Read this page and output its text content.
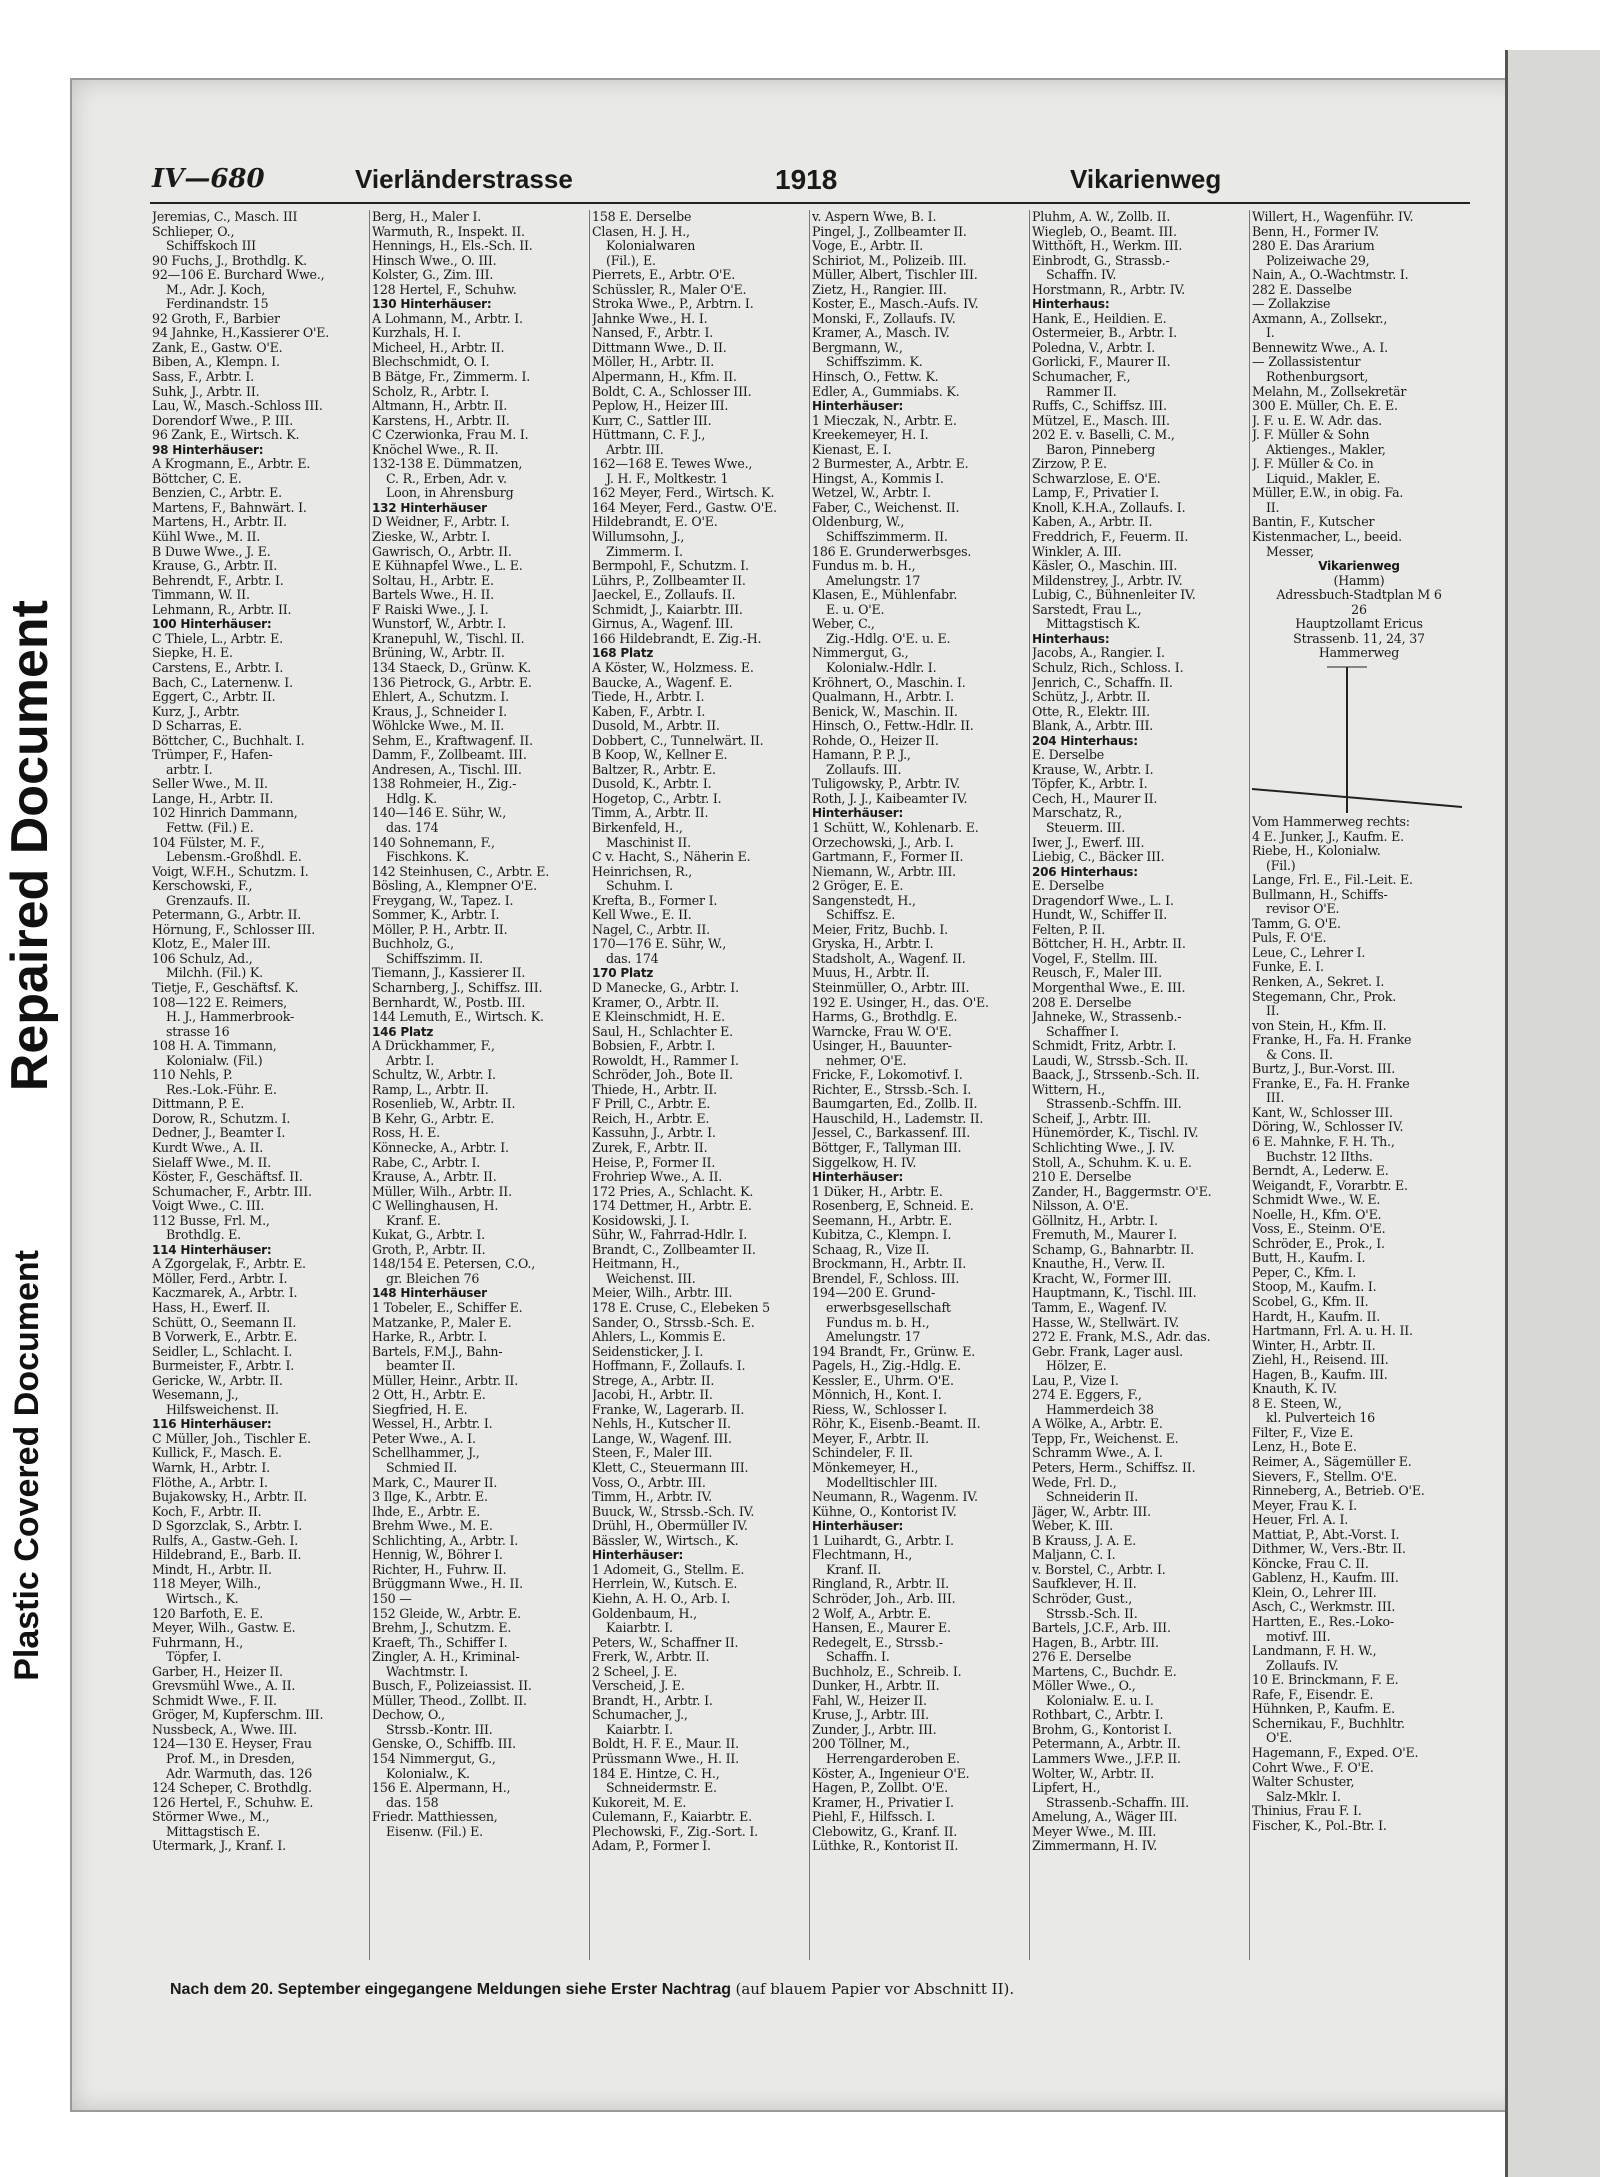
Repaired Document
Plastic Covered Document
IV—680	Vierländerstrasse	1918	Vikarienweg
Jeremias, C., Masch. III
Schlieper, O.,
Schiffskoch III
90 Fuchs, J., Brothdlg. K.
92—106 E. Burchard Wwe.,
M., Adr. J. Koch,
Ferdinandstr. 15
92 Groth, F., Barbier
94 Jahnke, H.,Kassierer O'E.
Zank, E., Gastw. O'E.
Biben, A., Klempn. I.
Sass, F., Arbtr. I.
Suhk, J., Arbtr. II.
Lau, W., Masch.-Schloss III.
Dorendorf Wwe., P. III.
96 Zank, E., Wirtsch. K.
98 Hinterhäuser:
A Krogmann, E., Arbtr. E.
Böttcher, C. E.
Benzien, C., Arbtr. E.
Martens, F., Bahnwärt. I.
Martens, H., Arbtr. II.
Kühl Wwe., M. II.
B Duwe Wwe., J. E.
Krause, G., Arbtr. II.
Behrendt, F., Arbtr. I.
Timmann, W. II.
Lehmann, R., Arbtr. II.
100 Hinterhäuser:
C Thiele, L., Arbtr. E.
Siepke, H. E.
Carstens, E., Arbtr. I.
Bach, C., Laternenw. I.
Eggert, C., Arbtr. II.
Kurz, J., Arbtr.
D Scharras, E.
Böttcher, C., Buchhalt. I.
Trümper, F., Hafen-
arbtr. I.
Seller Wwe., M. II.
Lange, H., Arbtr. II.
102 Hinrich Dammann,
Fettw. (Fil.) E.
104 Fülster, M. F.,
Lebensm.-Großhdl. E.
Voigt, W.F.H., Schutzm. I.
Kerschowski, F.,
Grenzaufs. II.
Petermann, G., Arbtr. II.
Hörnung, F., Schlosser III.
Klotz, E., Maler III.
106 Schulz, Ad.,
Milchh. (Fil.) K.
Tietje, F., Geschäftsf. K.
108—122 E. Reimers,
H. J., Hammerbrook-
strasse 16
108 H. A. Timmann,
Kolonialw. (Fil.)
110 Nehls, P.
Res.-Lok.-Führ. E.
Dittmann, P. E.
Dorow, R., Schutzm. I.
Dedner, J., Beamter I.
Kurdt Wwe., A. II.
Sielaff Wwe., M. II.
Köster, F., Geschäftsf. II.
Schumacher, F., Arbtr. III.
Voigt Wwe., C. III.
112 Busse, Frl. M.,
Brothdlg. E.
114 Hinterhäuser:
A Zgorgelak, F., Arbtr. E.
Möller, Ferd., Arbtr. I.
Kaczmarek, A., Arbtr. I.
Hass, H., Ewerf. II.
Schütt, O., Seemann II.
B Vorwerk, E., Arbtr. E.
Seidler, L., Schlacht. I.
Burmeister, F., Arbtr. I.
Gericke, W., Arbtr. II.
Wesemann, J.,
Hilfsweichenst. II.
116 Hinterhäuser:
C Müller, Joh., Tischler E.
Kullick, F., Masch. E.
Warnk, H., Arbtr. I.
Flöthe, A., Arbtr. I.
Bujakowsky, H., Arbtr. II.
Koch, F., Arbtr. II.
D Sgorzclak, S., Arbtr. I.
Rulfs, A., Gastw.-Geh. I.
Hildebrand, E., Barb. II.
Mindt, H., Arbtr. II.
118 Meyer, Wilh.,
Wirtsch., K.
120 Barfoth, E. E.
Meyer, Wilh., Gastw. E.
Fuhrmann, H.,
Töpfer, I.
Garber, H., Heizer II.
Grevsmühl Wwe., A. II.
Schmidt Wwe., F. II.
Gröger, M, Kupferschm. III.
Nussbeck, A., Wwe. III.
124—130 E. Heyser, Frau
Prof. M., in Dresden,
Adr. Warmuth, das. 126
124 Scheper, C. Brothdlg.
126 Hertel, F., Schuhw. E.
Störmer Wwe., M.,
Mittagstisch E.
Utermark, J., Kranf. I.
Berg, H., Maler I.
Warmuth, R., Inspekt. II.
Hennings, H., Els.-Sch. II.
Hinsch Wwe., O. III.
Kolster, G., Zim. III.
128 Hertel, F., Schuhw.
130 Hinterhäuser:
A Lohmann, M., Arbtr. I.
Kurzhals, H. I.
Micheel, H., Arbtr. II.
Blechschmidt, O. I.
B Bätge, Fr., Zimmerm. I.
Scholz, R., Arbtr. I.
Altmann, H., Arbtr. II.
Karstens, H., Arbtr. II.
C Czerwionka, Frau M. I.
Knöchel Wwe., R. II.
132-138 E. Dümmatzen,
C. R., Erben, Adr. v.
Loon, in Ahrensburg
132 Hinterhäuser
D Weidner, F., Arbtr. I.
Zieske, W., Arbtr. I.
Gawrisch, O., Arbtr. II.
E Kühnapfel Wwe., L. E.
Soltau, H., Arbtr. E.
Bartels Wwe., H. II.
F Raiski Wwe., J. I.
Wunstorf, W., Arbtr. I.
Kranepuhl, W., Tischl. II.
Brüning, W., Arbtr. II.
134 Staeck, D., Grünw. K.
136 Pietrock, G., Arbtr. E.
Ehlert, A., Schutzm. I.
Kraus, J., Schneider I.
Wöhlcke Wwe., M. II.
Sehm, E., Kraftwagenf. II.
Damm, F., Zollbeamt. III.
Andresen, A., Tischl. III.
138 Rohmeier, H., Zig.-
Hdlg. K.
140—146 E. Sühr, W.,
das. 174
140 Sohnemann, F.,
Fischkons. K.
142 Steinhusen, C., Arbtr. E.
Bösling, A., Klempner O'E.
Freygang, W., Tapez. I.
Sommer, K., Arbtr. I.
Möller, P. H., Arbtr. II.
Buchholz, G.,
Schiffszimm. II.
Tiemann, J., Kassierer II.
Scharnberg, J., Schiffsz. III.
Bernhardt, W., Postb. III.
144 Lemuth, E., Wirtsch. K.
146 Platz
A Drückhammer, F.,
Arbtr. I.
Schultz, W., Arbtr. I.
Ramp, L., Arbtr. II.
Rosenlieb, W., Arbtr. II.
B Kehr, G., Arbtr. E.
Ross, H. E.
Könnecke, A., Arbtr. I.
Rabe, C., Arbtr. I.
Krause, A., Arbtr. II.
Müller, Wilh., Arbtr. II.
C Wellinghausen, H.
Kranf. E.
Kukat, G., Arbtr. I.
Groth, P., Arbtr. II.
148/154 E. Petersen, C.O.,
gr. Bleichen 76
148 Hinterhäuser
1 Tobeler, E., Schiffer E.
Matzanke, P., Maler E.
Harke, R., Arbtr. I.
Bartels, F.M.J., Bahn-
beamter II.
Müller, Heinr., Arbtr. II.
2 Ott, H., Arbtr. E.
Siegfried, H. E.
Wessel, H., Arbtr. I.
Peter Wwe., A. I.
Schellhammer, J.,
Schmied II.
Mark, C., Maurer II.
3 Ilge, K., Arbtr. E.
Ihde, E., Arbtr. E.
Brehm Wwe., M. E.
Schlichting, A., Arbtr. I.
Hennig, W., Böhrer I.
Richter, H., Fuhrw. II.
Brüggmann Wwe., H. II.
150 —
152 Gleide, W., Arbtr. E.
Brehm, J., Schutzm. E.
Kraeft, Th., Schiffer I.
Zingler, A. H., Kriminal-
Wachtmstr. I.
Busch, F., Polizeiassist. II.
Müller, Theod., Zollbt. II.
Dechow, O.,
Strssb.-Kontr. III.
Genske, O., Schiffb. III.
154 Nimmergut, G.,
Kolonialw., K.
156 E. Alpermann, H.,
das. 158
Friedr. Matthiessen,
Eisenw. (Fil.) E.
158 E. Derselbe
Clasen, H. J. H.,
Kolonialwaren
(Fil.), E.
Pierrets, E., Arbtr. O'E.
Schüssler, R., Maler O'E.
Stroka Wwe., P., Arbtrn. I.
Jahnke Wwe., H. I.
Nansed, F., Arbtr. I.
Dittmann Wwe., D. II.
Möller, H., Arbtr. II.
Alpermann, H., Kfm. II.
Boldt, C. A., Schlosser III.
Peplow, H., Heizer III.
Kurr, C., Sattler III.
Hüttmann, C. F. J.,
Arbtr. III.
162—168 E. Tewes Wwe.,
J. H. F., Moltkestr. 1
162 Meyer, Ferd., Wirtsch. K.
164 Meyer, Ferd., Gastw. O'E.
Hildebrandt, E. O'E.
Willumsohn, J.,
Zimmerm. I.
Bermpohl, F., Schutzm. I.
Lührs, P., Zollbeamter II.
Jaeckel, E., Zollaufs. II.
Schmidt, J., Kaiarbtr. III.
Girnus, A., Wagenf. III.
166 Hildebrandt, E. Zig.-H.
168 Platz
A Köster, W., Holzmess. E.
Baucke, A., Wagenf. E.
Tiede, H., Arbtr. I.
Kaben, F., Arbtr. I.
Dusold, M., Arbtr. II.
Dobbert, C., Tunnelwärt. II.
B Koop, W., Kellner E.
Baltzer, R., Arbtr. E.
Dusold, K., Arbtr. I.
Hogetop, C., Arbtr. I.
Timm, A., Arbtr. II.
Birkenfeld, H.,
Maschinist II.
C v. Hacht, S., Näherin E.
Heinrichsen, R.,
Schuhm. I.
Krefta, B., Former I.
Kell Wwe., E. II.
Nagel, C., Arbtr. II.
170—176 E. Sühr, W.,
das. 174
170 Platz
D Manecke, G., Arbtr. I.
Kramer, O., Arbtr. II.
E Kleinschmidt, H. E.
Saul, H., Schlachter E.
Bobsien, F., Arbtr. I.
Rowoldt, H., Rammer I.
Schröder, Joh., Bote II.
Thiede, H., Arbtr. II.
F Prill, C., Arbtr. E.
Reich, H., Arbtr. E.
Kassuhn, J., Arbtr. I.
Zurek, F., Arbtr. II.
Heise, P., Former II.
Frohriep Wwe., A. II.
172 Pries, A., Schlacht. K.
174 Dettmer, H., Arbtr. E.
Kosidowski, J. I.
Sühr, W., Fahrrad-Hdlr. I.
Brandt, C., Zollbeamter II.
Heitmann, H.,
Weichenst. III.
Meier, Wilh., Arbtr. III.
178 E. Cruse, C., Elebeken 5
Sander, O., Strssb.-Sch. E.
Ahlers, L., Kommis E.
Seidensticker, J. I.
Hoffmann, F., Zollaufs. I.
Strege, A., Arbtr. II.
Jacobi, H., Arbtr. II.
Franke, W., Lagerarb. II.
Nehls, H., Kutscher II.
Lange, W., Wagenf. III.
Steen, F., Maler III.
Klett, C., Steuermann III.
Voss, O., Arbtr. III.
Timm, H., Arbtr. IV.
Buuck, W., Strssb.-Sch. IV.
Drühl, H., Obermüller IV.
Bässler, W., Wirtsch., K.
Hinterhäuser:
1 Adomeit, G., Stellm. E.
Herrlein, W., Kutsch. E.
Kiehn, A. H. O., Arb. I.
Goldenbaum, H.,
Kaiarbtr. I.
Peters, W., Schaffner II.
Frerk, W., Arbtr. II.
2 Scheel, J. E.
Verscheid, J. E.
Brandt, H., Arbtr. I.
Schumacher, J.,
Kaiarbtr. I.
Boldt, H. F. E., Maur. II.
Prüssmann Wwe., H. II.
184 E. Hintze, C. H.,
Schneidermstr. E.
Kukoreit, M. E.
Culemann, F., Kaiarbtr. E.
Plechowski, F., Zig.-Sort. I.
Adam, P., Former I.
v. Aspern Wwe, B. I.
Pingel, J., Zollbeamter II.
Voge, E., Arbtr. II.
Schiriot, M., Polizeib. III.
Müller, Albert, Tischler III.
Zietz, H., Rangier. III.
Koster, E., Masch.-Aufs. IV.
Monski, F., Zollaufs. IV.
Kramer, A., Masch. IV.
Bergmann, W.,
Schiffszimm. K.
Hinsch, O., Fettw. K.
Edler, A., Gummiabs. K.
Hinterhäuser:
1 Mieczak, N., Arbtr. E.
Kreekemeyer, H. I.
Kienast, E. I.
2 Burmester, A., Arbtr. E.
Hingst, A., Kommis I.
Wetzel, W., Arbtr. I.
Faber, C., Weichenst. II.
Oldenburg, W.,
Schiffszimmerm. II.
186 E. Grunderwerbsges.
Fundus m. b. H.,
Amelungstr. 17
Klasen, E., Mühlenfabr.
E. u. O'E.
Weber, C.,
Zig.-Hdlg. O'E. u. E.
Nimmergut, G.,
Kolonialw.-Hdlr. I.
Kröhnert, O., Maschin. I.
Qualmann, H., Arbtr. I.
Benick, W., Maschin. II.
Hinsch, O., Fettw.-Hdlr. II.
Rohde, O., Heizer II.
Hamann, P. P. J.,
Zollaufs. III.
Tuligowsky, P., Arbtr. IV.
Roth, J. J., Kaibeamter IV.
Hinterhäuser:
1 Schütt, W., Kohlenarb. E.
Orzechowski, J., Arb. I.
Gartmann, F., Former II.
Niemann, W., Arbtr. III.
2 Gröger, E. E.
Sangenstedt, H.,
Schiffsz. E.
Meier, Fritz, Buchb. I.
Gryska, H., Arbtr. I.
Stadsholt, A., Wagenf. II.
Muus, H., Arbtr. II.
Steinmüller, O., Arbtr. III.
192 E. Usinger, H., das. O'E.
Harms, G., Brothdlg. E.
Warncke, Frau W. O'E.
Usinger, H., Bauunter-
nehmer, O'E.
Fricke, F., Lokomotivf. I.
Richter, E., Strssb.-Sch. I.
Baumgarten, Ed., Zollb. II.
Hauschild, H., Lademstr. II.
Jessel, C., Barkassenf. III.
Böttger, F., Tallyman III.
Siggelkow, H. IV.
Hinterhäuser:
1 Düker, H., Arbtr. E.
Rosenberg, E, Schneid. E.
Seemann, H., Arbtr. E.
Kubitza, C., Klempn. I.
Schaag, R., Vize II.
Brockmann, H., Arbtr. II.
Brendel, F., Schloss. III.
194—200 E. Grund-
erwerbsgesellschaft
Fundus m. b. H.,
Amelungstr. 17
194 Brandt, Fr., Grünw. E.
Pagels, H., Zig.-Hdlg. E.
Kessler, E., Uhrm. O'E.
Mönnich, H., Kont. I.
Riess, W., Schlosser I.
Röhr, K., Eisenb.-Beamt. II.
Meyer, F., Arbtr. II.
Schindeler, F. II.
Mönkemeyer, H.,
Modelltischler III.
Neumann, R., Wagenm. IV.
Kühne, O., Kontorist IV.
Hinterhäuser:
1 Luihardt, G., Arbtr. I.
Flechtmann, H.,
Kranf. II.
Ringland, R., Arbtr. II.
Schröder, Joh., Arb. III.
2 Wolf, A., Arbtr. E.
Hansen, E., Maurer E.
Redegelt, E., Strssb.-
Schaffn. I.
Buchholz, E., Schreib. I.
Dunker, H., Arbtr. II.
Fahl, W., Heizer II.
Kruse, J., Arbtr. III.
Zunder, J., Arbtr. III.
200 Töllner, M.,
Herrengarderoben E.
Köster, A., Ingenieur O'E.
Hagen, P., Zollbt. O'E.
Kramer, H., Privatier I.
Piehl, F., Hilfssch. I.
Clebowitz, G., Kranf. II.
Lüthke, R., Kontorist II.
Pluhm, A. W., Zollb. II.
Wiegleb, O., Beamt. III.
Witthöft, H., Werkm. III.
Einbrodt, G., Strassb.-
Schaffn. IV.
Horstmann, R., Arbtr. IV.
Hinterhaus:
Hank, E., Heildien. E.
Ostermeier, B., Arbtr. I.
Poledna, V., Arbtr. I.
Gorlicki, F., Maurer II.
Schumacher, F.,
Rammer II.
Ruffs, C., Schiffsz. III.
Mützel, E., Masch. III.
202 E. v. Baselli, C. M.,
Baron, Pinneberg
Zirzow, P. E.
Schwarzlose, E. O'E.
Lamp, F., Privatier I.
Knoll, K.H.A., Zollaufs. I.
Kaben, A., Arbtr. II.
Freddrich, F., Feuerm. II.
Winkler, A. III.
Käsler, O., Maschin. III.
Mildenstrey, J., Arbtr. IV.
Lubig, C., Bühnenleiter IV.
Sarstedt, Frau L.,
Mittagstisch K.
Hinterhaus:
Jacobs, A., Rangier. I.
Schulz, Rich., Schloss. I.
Jenrich, C., Schaffn. II.
Schütz, J., Arbtr. II.
Otte, R., Elektr. III.
Blank, A., Arbtr. III.
204 Hinterhaus:
E. Derselbe
Krause, W., Arbtr. I.
Töpfer, K., Arbtr. I.
Cech, H., Maurer II.
Marschatz, R.,
Steuerm. III.
Iwer, J., Ewerf. III.
Liebig, C., Bäcker III.
206 Hinterhaus:
E. Derselbe
Dragendorf Wwe., L. I.
Hundt, W., Schiffer II.
Felten, P. II.
Böttcher, H. H., Arbtr. II.
Vogel, F., Stellm. III.
Reusch, F., Maler III.
Morgenthal Wwe., E. III.
208 E. Derselbe
Jahneke, W., Strassenb.-
Schaffner I.
Schmidt, Fritz, Arbtr. I.
Laudi, W., Strssb.-Sch. II.
Baack, J., Strssenb.-Sch. II.
Wittern, H.,
Strassenb.-Schffn. III.
Scheif, J., Arbtr. III.
Hünemörder, K., Tischl. IV.
Schlichting Wwe., J. IV.
Stoll, A., Schuhm. K. u. E.
210 E. Derselbe
Zander, H., Baggermstr. O'E.
Nilsson, A. O'E.
Göllnitz, H., Arbtr. I.
Fremuth, M., Maurer I.
Schamp, G., Bahnarbtr. II.
Knauthe, H., Verw. II.
Kracht, W., Former III.
Hauptmann, K., Tischl. III.
Tamm, E., Wagenf. IV.
Hasse, W., Stellwärt. IV.
272 E. Frank, M.S., Adr. das.
Gebr. Frank, Lager ausl.
Hölzer, E.
Lau, P., Vize I.
274 E. Eggers, F.,
Hammerdeich 38
A Wölke, A., Arbtr. E.
Tepp, Fr., Weichenst. E.
Schramm Wwe., A. I.
Peters, Herm., Schiffsz. II.
Wede, Frl. D.,
Schneiderin II.
Jäger, W., Arbtr. III.
Weber, K. III.
B Krauss, J. A. E.
Maljann, C. I.
v. Borstel, C., Arbtr. I.
Saufklever, H. II.
Schröder, Gust.,
Strssb.-Sch. II.
Bartels, J.C.F., Arb. III.
Hagen, B., Arbtr. III.
276 E. Derselbe
Martens, C., Buchdr. E.
Möller Wwe., O.,
Kolonialw. E. u. I.
Rothbart, C., Arbtr. I.
Brohm, G., Kontorist I.
Petermann, A., Arbtr. II.
Lammers Wwe., J.F.P. II.
Wolter, W., Arbtr. II.
Lipfert, H.,
Strassenb.-Schaffn. III.
Amelung, A., Wäger III.
Meyer Wwe., M. III.
Zimmermann, H. IV.
Willert, H., Wagenführ. IV.
Benn, H., Former IV.
280 E. Das Ärarium
Polizeiwache 29,
Nain, A., O.-Wachtmstr. I.
282 E. Dasselbe
— Zollakzise
Axmann, A., Zollsekr.,
I.
Bennewitz Wwe., A. I.
— Zollassistentur
Rothenburgsort,
Melahn, M., Zollsekretär
300 E. Müller, Ch. E. E.
J. F. u. E. W. Adr. das.
J. F. Müller & Sohn
Aktienges., Makler,
J. F. Müller & Co. in
Liquid., Makler, E.
Müller, E.W., in obig. Fa.
II.
Bantin, F., Kutscher
Kistenmacher, L., beeid.
Messer,
Vikarienweg
(Hamm)
Adressbuch-Stadtplan M 6
26
Hauptzollamt Ericus
Strassenb. 11, 24, 37
Hammerweg
Vom Hammerweg rechts:
4 E. Junker, J., Kaufm. E.
Riebe, H., Kolonialw.
(Fil.)
Lange, Frl. E., Fil.-Leit. E.
Bullmann, H., Schiffs-
revisor O'E.
Tamm, G. O'E.
Puls, F. O'E.
Leue, C., Lehrer I.
Funke, E. I.
Renken, A., Sekret. I.
Stegemann, Chr., Prok.
II.
von Stein, H., Kfm. II.
Franke, H., Fa. H. Franke
& Cons. II.
Burtz, J., Bur.-Vorst. III.
Franke, E., Fa. H. Franke
III.
Kant, W., Schlosser III.
Döring, W., Schlosser IV.
6 E. Mahnke, F. H. Th.,
Buchstr. 12 IIths.
Berndt, A., Lederw. E.
Weigandt, F., Vorarbtr. E.
Schmidt Wwe., W. E.
Noelle, H., Kfm. O'E.
Voss, E., Steinm. O'E.
Schröder, E., Prok., I.
Butt, H., Kaufm. I.
Peper, C., Kfm. I.
Stoop, M., Kaufm. I.
Scobel, G., Kfm. II.
Hardt, H., Kaufm. II.
Hartmann, Frl. A. u. H. II.
Winter, H., Arbtr. II.
Ziehl, H., Reisend. III.
Hagen, B., Kaufm. III.
Knauth, K. IV.
8 E. Steen, W.,
kl. Pulverteich 16
Filter, F., Vize E.
Lenz, H., Bote E.
Reimer, A., Sägemüller E.
Sievers, F., Stellm. O'E.
Rinneberg, A., Betrieb. O'E.
Meyer, Frau K. I.
Heuer, Frl. A. I.
Mattiat, P., Abt.-Vorst. I.
Dithmer, W., Vers.-Btr. II.
Köncke, Frau C. II.
Gablenz, H., Kaufm. III.
Klein, O., Lehrer III.
Asch, C., Werkmstr. III.
Hartten, E., Res.-Loko-
motivf. III.
Landmann, F. H. W.,
Zollaufs. IV.
10 E. Brinckmann, F. E.
Rafe, F., Eisendr. E.
Hühnken, P., Kaufm. E.
Schernikau, F., Buchhltr.
O'E.
Hagemann, F., Exped. O'E.
Cohrt Wwe., F. O'E.
Walter Schuster,
Salz-Mklr. I.
Thinius, Frau F. I.
Fischer, K., Pol.-Btr. I.
Nach dem 20. September eingegangene Meldungen siehe Erster Nachtrag (auf blauem Papier vor Abschnitt II).
